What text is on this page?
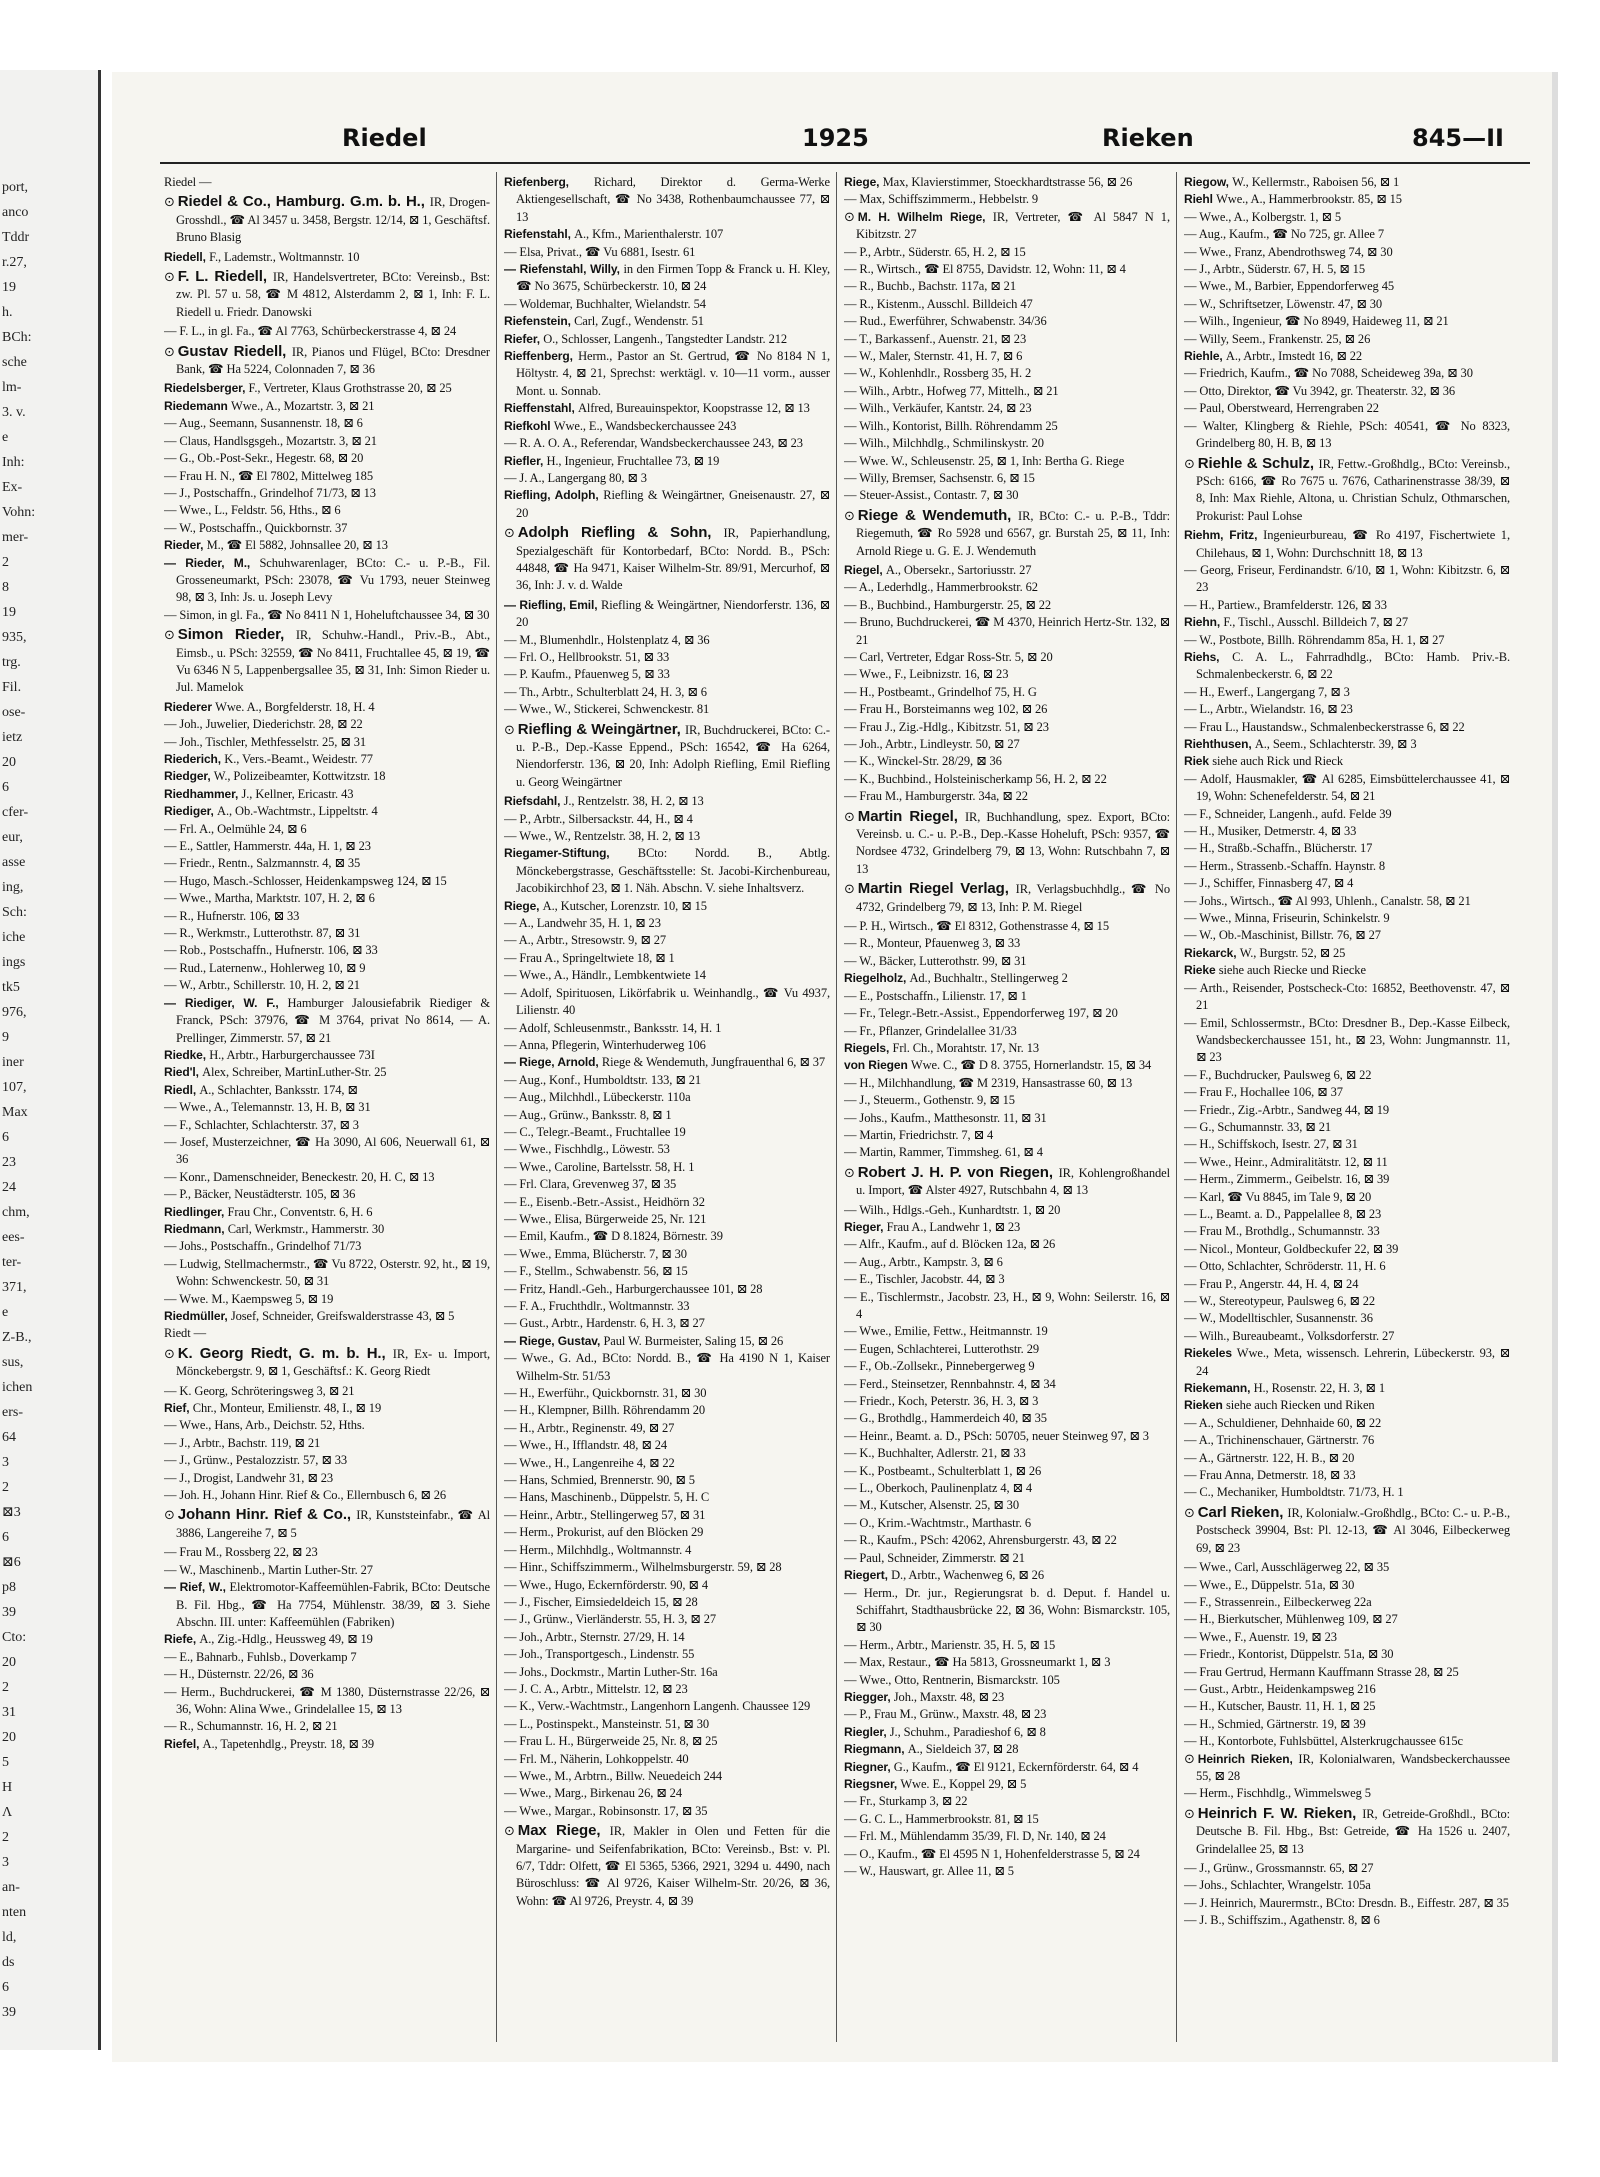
port,
anco
Tddr
r.27,
19
h.
BCh:
sche
lm-
3. v.
e
Inh:
Ex-
Vohn:
mer-
2
8
19
935,
trg.
Fil.
ose-
ietz
20
6
cfer-
eur,
asse
ing,
Sch:
iche
ings
tk5
976,
9
iner
107,
Max
6
23
24
chm,
ees-
ter-
371,
e
Z-B.,
sus,
ichen
ers-
64
3
2
⊠3
6
⊠6
p8
39
Cto:
20
2
31
20
5
H
Λ
2
3
an-
nten
ld,
ds
6
39
Riedel	1925	Rieken	845—II

Riedel —

⊙ Riedel & Co., Hamburg. G.m. b. H., IR, Drogen-Grosshdl., ☎ Al 3457 u. 3458, Bergstr. 12/14, ⊠ 1, Geschäftsf. Bruno Blasig

Riedell, F., Lademstr., Woltmannstr. 10

⊙ F. L. Riedell, IR, Handelsvertreter, BCto: Vereinsb., Bst: zw. Pl. 57 u. 58, ☎ M 4812, Alsterdamm 2, ⊠ 1, Inh: F. L. Riedell u. Friedr. Danowski

— F. L., in gl. Fa., ☎ Al 7763, Schürbeckerstrasse 4, ⊠ 24

⊙ Gustav Riedell, IR, Pianos und Flügel, BCto: Dresdner Bank, ☎ Ha 5224, Colonnaden 7, ⊠ 36

Riedelsberger, F., Vertreter, Klaus Grothstrasse 20, ⊠ 25

Riedemann Wwe., A., Mozartstr. 3, ⊠ 21

— Aug., Seemann, Susannenstr. 18, ⊠ 6

— Claus, Handlsgsgeh., Mozartstr. 3, ⊠ 21

— G., Ob.-Post-Sekr., Hegestr. 68, ⊠ 20

— Frau H. N., ☎ El 7802, Mittelweg 185

— J., Postschaffn., Grindelhof 71/73, ⊠ 13

— Wwe., L., Feldstr. 56, Hths., ⊠ 6

— W., Postschaffn., Quickbornstr. 37

Rieder, M., ☎ El 5882, Johnsallee 20, ⊠ 13

— Rieder, M., Schuhwarenlager, BCto: C.- u. P.-B., Fil. Grosseneumarkt, PSch: 23078, ☎ Vu 1793, neuer Steinweg 98, ⊠ 3, Inh: Js. u. Joseph Levy

— Simon, in gl. Fa., ☎ No 8411 N 1, Hoheluftchaussee 34, ⊠ 30

⊙ Simon Rieder, IR, Schuhw.-Handl., Priv.-B., Abt., Eimsb., u. PSch: 32559, ☎ No 8411, Fruchtallee 45, ⊠ 19, ☎ Vu 6346 N 5, Lappenbergsallee 35, ⊠ 31, Inh: Simon Rieder u. Jul. Mamelok

Riederer Wwe. A., Borgfelderstr. 18, H. 4

— Joh., Juwelier, Diederichstr. 28, ⊠ 22

— Joh., Tischler, Methfesselstr. 25, ⊠ 31

Riederich, K., Vers.-Beamt., Weidestr. 77

Riedger, W., Polizeibeamter, Kottwitzstr. 18

Riedhammer, J., Kellner, Ericastr. 43

Riediger, A., Ob.-Wachtmstr., Lippeltstr. 4

— Frl. A., Oelmühle 24, ⊠ 6

— E., Sattler, Hammerstr. 44a, H. 1, ⊠ 23

— Friedr., Rentn., Salzmannstr. 4, ⊠ 35

— Hugo, Masch.-Schlosser, Heidenkampsweg 124, ⊠ 15

— Wwe., Martha, Marktstr. 107, H. 2, ⊠ 6

— R., Hufnerstr. 106, ⊠ 33

— R., Werkmstr., Lutterothstr. 87, ⊠ 31

— Rob., Postschaffn., Hufnerstr. 106, ⊠ 33

— Rud., Laternenw., Hohlerweg 10, ⊠ 9

— W., Arbtr., Schillerstr. 10, H. 2, ⊠ 21

— Riediger, W. F., Hamburger Jalousiefabrik Riediger & Franck, PSch: 37976, ☎ M 3764, privat No 8614, — A. Prellinger, Zimmerstr. 57, ⊠ 21

Riedke, H., Arbtr., Harburgerchaussee 73I

Ried'l, Alex, Schreiber, MartinLuther-Str. 25

Riedl, A., Schlachter, Banksstr. 174, ⊠

— Wwe., A., Telemannstr. 13, H. B, ⊠ 31

— F., Schlachter, Schlachterstr. 37, ⊠ 3

— Josef, Musterzeichner, ☎ Ha 3090, Al 606, Neuerwall 61, ⊠ 36

— Konr., Damenschneider, Beneckestr. 20, H. C, ⊠ 13

— P., Bäcker, Neustädterstr. 105, ⊠ 36

Riedlinger, Frau Chr., Conventstr. 6, H. 6

Riedmann, Carl, Werkmstr., Hammerstr. 30

— Johs., Postschaffn., Grindelhof 71/73

— Ludwig, Stellmachermstr., ☎ Vu 8722, Osterstr. 92, ht., ⊠ 19, Wohn: Schwenckestr. 50, ⊠ 31

— Wwe. M., Kaempsweg 5, ⊠ 19

Riedmüller, Josef, Schneider, Greifswalderstrasse 43, ⊠ 5

Riedt —

⊙ K. Georg Riedt, G. m. b. H., IR, Ex- u. Import, Mönckebergstr. 9, ⊠ 1, Geschäftsf.: K. Georg Riedt

— K. Georg, Schröteringsweg 3, ⊠ 21

Rief, Chr., Monteur, Emilienstr. 48, I., ⊠ 19

— Wwe., Hans, Arb., Deichstr. 52, Hths.

— J., Arbtr., Bachstr. 119, ⊠ 21

— J., Grünw., Pestalozzistr. 57, ⊠ 33

— J., Drogist, Landwehr 31, ⊠ 23

— Joh. H., Johann Hinr. Rief & Co., Ellernbusch 6, ⊠ 26

⊙ Johann Hinr. Rief & Co., IR, Kunststeinfabr., ☎ Al 3886, Langereihe 7, ⊠ 5

— Frau M., Rossberg 22, ⊠ 23

— W., Maschinenb., Martin Luther-Str. 27

— Rief, W., Elektromotor-Kaffeemühlen-Fabrik, BCto: Deutsche B. Fil. Hbg., ☎ Ha 7754, Mühlenstr. 38/39, ⊠ 3. Siehe Abschn. III. unter: Kaffeemühlen (Fabriken)

Riefe, A., Zig.-Hdlg., Heussweg 49, ⊠ 19

— E., Bahnarb., Fuhlsb., Doverkamp 7

— H., Düsternstr. 22/26, ⊠ 36

— Herm., Buchdruckerei, ☎ M 1380, Düsternstrasse 22/26, ⊠ 36, Wohn: Alina Wwe., Grindelallee 15, ⊠ 13

— R., Schumannstr. 16, H. 2, ⊠ 21

Riefel, A., Tapetenhdlg., Preystr. 18, ⊠ 39

Riefenberg, Richard, Direktor d. Germa-Werke Aktiengesellschaft, ☎ No 3438, Rothenbaumchaussee 77, ⊠ 13

Riefenstahl, A., Kfm., Marienthalerstr. 107

— Elsa, Privat., ☎ Vu 6881, Isestr. 61

— Riefenstahl, Willy, in den Firmen Topp & Franck u. H. Kley, ☎ No 3675, Schürbeckerstr. 10, ⊠ 24

— Woldemar, Buchhalter, Wielandstr. 54

Riefenstein, Carl, Zugf., Wendenstr. 51

Riefer, O., Schlosser, Langenh., Tangstedter Landstr. 212

Rieffenberg, Herm., Pastor an St. Gertrud, ☎ No 8184 N 1, Höltystr. 4, ⊠ 21, Sprechst: werktägl. v. 10—11 vorm., ausser Mont. u. Sonnab.

Rieffenstahl, Alfred, Bureauinspektor, Koopstrasse 12, ⊠ 13

Riefkohl Wwe., E., Wandsbeckerchaussee 243

— R. A. O. A., Referendar, Wandsbeckerchaussee 243, ⊠ 23

Riefler, H., Ingenieur, Fruchtallee 73, ⊠ 19

— J. A., Langergang 80, ⊠ 3

Riefling, Adolph, Riefling & Weingärtner, Gneisenaustr. 27, ⊠ 20

⊙ Adolph Riefling & Sohn, IR, Papierhandlung, Spezialgeschäft für Kontorbedarf, BCto: Nordd. B., PSch: 44848, ☎ Ha 9471, Kaiser Wilhelm-Str. 89/91, Mercurhof, ⊠ 36, Inh: J. v. d. Walde

— Riefling, Emil, Riefling & Weingärtner, Niendorferstr. 136, ⊠ 20

— M., Blumenhdlr., Holstenplatz 4, ⊠ 36

— Frl. O., Hellbrookstr. 51, ⊠ 33

— P. Kaufm., Pfauenweg 5, ⊠ 33

— Th., Arbtr., Schulterblatt 24, H. 3, ⊠ 6

— Wwe., W., Stickerei, Schwenckestr. 81

⊙ Riefling & Weingärtner, IR, Buchdruckerei, BCto: C.- u. P.-B., Dep.-Kasse Eppend., PSch: 16542, ☎ Ha 6264, Niendorferstr. 136, ⊠ 20, Inh: Adolph Riefling, Emil Riefling u. Georg Weingärtner

Riefsdahl, J., Rentzelstr. 38, H. 2, ⊠ 13

— P., Arbtr., Silbersackstr. 44, H., ⊠ 4

— Wwe., W., Rentzelstr. 38, H. 2, ⊠ 13

Riegamer-Stiftung, BCto: Nordd. B., Abtlg. Mönckebergstrasse, Geschäftsstelle: St. Jacobi-Kirchenbureau, Jacobikirchhof 23, ⊠ 1. Näh. Abschn. V. siehe Inhaltsverz.

Riege, A., Kutscher, Lorenzstr. 10, ⊠ 15

— A., Landwehr 35, H. 1, ⊠ 23

— A., Arbtr., Stresowstr. 9, ⊠ 27

— Frau A., Springeltwiete 18, ⊠ 1

— Wwe., A., Händlr., Lembkentwiete 14

— Adolf, Spirituosen, Likörfabrik u. Weinhandlg., ☎ Vu 4937, Lilienstr. 40

— Adolf, Schleusenmstr., Banksstr. 14, H. 1

— Anna, Pflegerin, Winterhuderweg 106

— Riege, Arnold, Riege & Wendemuth, Jungfrauenthal 6, ⊠ 37

— Aug., Konf., Humboldtstr. 133, ⊠ 21

— Aug., Milchhdl., Lübeckerstr. 110a

— Aug., Grünw., Banksstr. 8, ⊠ 1

— C., Telegr.-Beamt., Fruchtallee 19

— Wwe., Fischhdlg., Löwestr. 53

— Wwe., Caroline, Bartelsstr. 58, H. 1

— Frl. Clara, Grevenweg 37, ⊠ 35

— E., Eisenb.-Betr.-Assist., Heidhörn 32

— Wwe., Elisa, Bürgerweide 25, Nr. 121

— Emil, Kaufm., ☎ D 8.1824, Börnestr. 39

— Wwe., Emma, Blücherstr. 7, ⊠ 30

— F., Stellm., Schwabenstr. 56, ⊠ 15

— Fritz, Handl.-Geh., Harburgerchaussee 101, ⊠ 28

— F. A., Fruchthdlr., Woltmannstr. 33

— Gust., Arbtr., Hardenstr. 6, H. 3, ⊠ 27

— Riege, Gustav, Paul W. Burmeister, Saling 15, ⊠ 26

— Wwe., G. Ad., BCto: Nordd. B., ☎ Ha 4190 N 1, Kaiser Wilhelm-Str. 51/53

— H., Ewerführ., Quickbornstr. 31, ⊠ 30

— H., Klempner, Billh. Röhrendamm 20

— H., Arbtr., Reginenstr. 49, ⊠ 27

— Wwe., H., Ifflandstr. 48, ⊠ 24

— Wwe., H., Langenreihe 4, ⊠ 22

— Hans, Schmied, Brennerstr. 90, ⊠ 5

— Hans, Maschinenb., Düppelstr. 5, H. C

— Heinr., Arbtr., Stellingerweg 57, ⊠ 31

— Herm., Prokurist, auf den Blöcken 29

— Herm., Milchhdlg., Woltmannstr. 4

— Hinr., Schiffszimmerm., Wilhelmsburgerstr. 59, ⊠ 28

— Wwe., Hugo, Eckernförderstr. 90, ⊠ 4

— J., Fischer, Eimsiedeldeich 15, ⊠ 28

— J., Grünw., Vierländerstr. 55, H. 3, ⊠ 27

— Joh., Arbtr., Sternstr. 27/29, H. 14

— Joh., Transportgesch., Lindenstr. 55

— Johs., Dockmstr., Martin Luther-Str. 16a

— J. C. A., Arbtr., Mittelstr. 12, ⊠ 23

— K., Verw.-Wachtmstr., Langenhorn Langenh. Chaussee 129

— L., Postinspekt., Mansteinstr. 51, ⊠ 30

— Frau L. H., Bürgerweide 25, Nr. 8, ⊠ 25

— Frl. M., Näherin, Lohkoppelstr. 40

— Wwe., M., Arbtrn., Billw. Neuedeich 244

— Wwe., Marg., Birkenau 26, ⊠ 24

— Wwe., Margar., Robinsonstr. 17, ⊠ 35

⊙ Max Riege, IR, Makler in Olen und Fetten für die Margarine- und Seifenfabrikation, BCto: Vereinsb., Bst: v. Pl. 6/7, Tddr: Olfett, ☎ El 5365, 5366, 2921, 3294 u. 4490, nach Büroschluss: ☎ Al 9726, Kaiser Wilhelm-Str. 20/26, ⊠ 36, Wohn: ☎ Al 9726, Preystr. 4, ⊠ 39

Riege, Max, Klavierstimmer, Stoeckhardtstrasse 56, ⊠ 26

— Max, Schiffszimmerm., Hebbelstr. 9

⊙ M. H. Wilhelm Riege, IR, Vertreter, ☎ Al 5847 N 1, Kibitzstr. 27

— P., Arbtr., Süderstr. 65, H. 2, ⊠ 15

— R., Wirtsch., ☎ El 8755, Davidstr. 12, Wohn: 11, ⊠ 4

— R., Buchb., Bachstr. 117a, ⊠ 21

— R., Kistenm., Ausschl. Billdeich 47

— Rud., Ewerführer, Schwabenstr. 34/36

— T., Barkassenf., Auenstr. 21, ⊠ 23

— W., Maler, Sternstr. 41, H. 7, ⊠ 6

— W., Kohlenhdlr., Rossberg 35, H. 2

— Wilh., Arbtr., Hofweg 77, Mittelh., ⊠ 21

— Wilh., Verkäufer, Kantstr. 24, ⊠ 23

— Wilh., Kontorist, Billh. Röhrendamm 25

— Wilh., Milchhdlg., Schmilinskystr. 20

— Wwe. W., Schleusenstr. 25, ⊠ 1, Inh: Bertha G. Riege

— Willy, Bremser, Sachsenstr. 6, ⊠ 15

— Steuer-Assist., Contastr. 7, ⊠ 30

⊙ Riege & Wendemuth, IR, BCto: C.- u. P.-B., Tddr: Riegemuth, ☎ Ro 5928 und 6567, gr. Burstah 25, ⊠ 11, Inh: Arnold Riege u. G. E. J. Wendemuth

Riegel, A., Obersekr., Sartoriusstr. 27

— A., Lederhdlg., Hammerbrookstr. 62

— B., Buchbind., Hamburgerstr. 25, ⊠ 22

— Bruno, Buchdruckerei, ☎ M 4370, Heinrich Hertz-Str. 132, ⊠ 21

— Carl, Vertreter, Edgar Ross-Str. 5, ⊠ 20

— Wwe., F., Leibnizstr. 16, ⊠ 23

— H., Postbeamt., Grindelhof 75, H. G

— Frau H., Borsteimanns weg 102, ⊠ 26

— Frau J., Zig.-Hdlg., Kibitzstr. 51, ⊠ 23

— Joh., Arbtr., Lindleystr. 50, ⊠ 27

— K., Winckel-Str. 28/29, ⊠ 36

— K., Buchbind., Holsteinischerkamp 56, H. 2, ⊠ 22

— Frau M., Hamburgerstr. 34a, ⊠ 22

⊙ Martin Riegel, IR, Buchhandlung, spez. Export, BCto: Vereinsb. u. C.- u. P.-B., Dep.-Kasse Hoheluft, PSch: 9357, ☎ Nordsee 4732, Grindelberg 79, ⊠ 13, Wohn: Rutschbahn 7, ⊠ 13

⊙ Martin Riegel Verlag, IR, Verlagsbuchhdlg., ☎ No 4732, Grindelberg 79, ⊠ 13, Inh: P. M. Riegel

— P. H., Wirtsch., ☎ El 8312, Gothenstrasse 4, ⊠ 15

— R., Monteur, Pfauenweg 3, ⊠ 33

— W., Bäcker, Lutterothstr. 99, ⊠ 31

Riegelholz, Ad., Buchhaltr., Stellingerweg 2

— E., Postschaffn., Lilienstr. 17, ⊠ 1

— Fr., Telegr.-Betr.-Assist., Eppendorferweg 197, ⊠ 20

— Fr., Pflanzer, Grindelallee 31/33

Riegels, Frl. Ch., Morahtstr. 17, Nr. 13

von Riegen Wwe. C., ☎ D 8. 3755, Hornerlandstr. 15, ⊠ 34

— H., Milchhandlung, ☎ M 2319, Hansastrasse 60, ⊠ 13

— J., Steuerm., Gothenstr. 9, ⊠ 15

— Johs., Kaufm., Matthesonstr. 11, ⊠ 31

— Martin, Friedrichstr. 7, ⊠ 4

— Martin, Rammer, Timmsheg. 61, ⊠ 4

⊙ Robert J. H. P. von Riegen, IR, Kohlengroßhandel u. Import, ☎ Alster 4927, Rutschbahn 4, ⊠ 13

— Wilh., Hdlgs.-Geh., Kunhardtstr. 1, ⊠ 20

Rieger, Frau A., Landwehr 1, ⊠ 23

— Alfr., Kaufm., auf d. Blöcken 12a, ⊠ 26

— Aug., Arbtr., Kampstr. 3, ⊠ 6

— E., Tischler, Jacobstr. 44, ⊠ 3

— E., Tischlermstr., Jacobstr. 23, H., ⊠ 9, Wohn: Seilerstr. 16, ⊠ 4

— Wwe., Emilie, Fettw., Heitmannstr. 19

— Eugen, Schlachterei, Lutterothstr. 29

— F., Ob.-Zollsekr., Pinnebergerweg 9

— Ferd., Steinsetzer, Rennbahnstr. 4, ⊠ 34

— Friedr., Koch, Peterstr. 36, H. 3, ⊠ 3

— G., Brothdlg., Hammerdeich 40, ⊠ 35

— Heinr., Beamt. a. D., PSch: 50705, neuer Steinweg 97, ⊠ 3

— K., Buchhalter, Adlerstr. 21, ⊠ 33

— K., Postbeamt., Schulterblatt 1, ⊠ 26

— L., Oberkoch, Paulinenplatz 4, ⊠ 4

— M., Kutscher, Alsenstr. 25, ⊠ 30

— O., Krim.-Wachtmstr., Marthastr. 6

— R., Kaufm., PSch: 42062, Ahrensburgerstr. 43, ⊠ 22

— Paul, Schneider, Zimmerstr. ⊠ 21

Riegert, D., Arbtr., Wachenweg 6, ⊠ 26

— Herm., Dr. jur., Regierungsrat b. d. Deput. f. Handel u. Schiffahrt, Stadthausbrücke 22, ⊠ 36, Wohn: Bismarckstr. 105, ⊠ 30

— Herm., Arbtr., Marienstr. 35, H. 5, ⊠ 15

— Max, Restaur., ☎ Ha 5813, Grossneumarkt 1, ⊠ 3

— Wwe., Otto, Rentnerin, Bismarckstr. 105

Riegger, Joh., Maxstr. 48, ⊠ 23

— P., Frau M., Grünw., Maxstr. 48, ⊠ 23

Riegler, J., Schuhm., Paradieshof 6, ⊠ 8

Riegmann, A., Sieldeich 37, ⊠ 28

Riegner, G., Kaufm., ☎ El 9121, Eckernförderstr. 64, ⊠ 4

Riegsner, Wwe. E., Koppel 29, ⊠ 5

— Fr., Sturkamp 3, ⊠ 22

— G. C. L., Hammerbrookstr. 81, ⊠ 15

— Frl. M., Mühlendamm 35/39, Fl. D, Nr. 140, ⊠ 24

— O., Kaufm., ☎ El 4595 N 1, Hohenfelderstrasse 5, ⊠ 24

— W., Hauswart, gr. Allee 11, ⊠ 5

Riegow, W., Kellermstr., Raboisen 56, ⊠ 1

Riehl Wwe., A., Hammerbrookstr. 85, ⊠ 15

— Wwe., A., Kolbergstr. 1, ⊠ 5

— Aug., Kaufm., ☎ No 725, gr. Allee 7

— Wwe., Franz, Abendrothsweg 74, ⊠ 30

— J., Arbtr., Süderstr. 67, H. 5, ⊠ 15

— Wwe., M., Barbier, Eppendorferweg 45

— W., Schriftsetzer, Löwenstr. 47, ⊠ 30

— Wilh., Ingenieur, ☎ No 8949, Haideweg 11, ⊠ 21

— Willy, Seem., Frankenstr. 25, ⊠ 26

Riehle, A., Arbtr., Imstedt 16, ⊠ 22

— Friedrich, Kaufm., ☎ No 7088, Scheideweg 39a, ⊠ 30

— Otto, Direktor, ☎ Vu 3942, gr. Theaterstr. 32, ⊠ 36

— Paul, Oberstweard, Herrengraben 22

— Walter, Klingberg & Riehle, PSch: 40541, ☎ No 8323, Grindelberg 80, H. B, ⊠ 13

⊙ Riehle & Schulz, IR, Fettw.-Großhdlg., BCto: Vereinsb., PSch: 6166, ☎ Ro 7675 u. 7676, Catharinenstrasse 38/39, ⊠ 8, Inh: Max Riehle, Altona, u. Christian Schulz, Othmarschen, Prokurist: Paul Lohse

Riehm, Fritz, Ingenieurbureau, ☎ Ro 4197, Fischertwiete 1, Chilehaus, ⊠ 1, Wohn: Durchschnitt 18, ⊠ 13

— Georg, Friseur, Ferdinandstr. 6/10, ⊠ 1, Wohn: Kibitzstr. 6, ⊠ 23

— H., Partiew., Bramfelderstr. 126, ⊠ 33

Riehn, F., Tischl., Ausschl. Billdeich 7, ⊠ 27

— W., Postbote, Billh. Röhrendamm 85a, H. 1, ⊠ 27

Riehs, C. A. L., Fahrradhdlg., BCto: Hamb. Priv.-B. Schmalenbeckerstr. 6, ⊠ 22

— H., Ewerf., Langergang 7, ⊠ 3

— L., Arbtr., Wielandstr. 16, ⊠ 23

— Frau L., Haustandsw., Schmalenbeckerstrasse 6, ⊠ 22

Riehthusen, A., Seem., Schlachterstr. 39, ⊠ 3

Riek siehe auch Rick und Rieck

— Adolf, Hausmakler, ☎ Al 6285, Eimsbüttelerchaussee 41, ⊠ 19, Wohn: Schenefelderstr. 54, ⊠ 21

— F., Schneider, Langenh., aufd. Felde 39

— H., Musiker, Detmerstr. 4, ⊠ 33

— H., Straßb.-Schaffn., Blücherstr. 17

— Herm., Strassenb.-Schaffn. Haynstr. 8

— J., Schiffer, Finnasberg 47, ⊠ 4

— Johs., Wirtsch., ☎ Al 993, Uhlenh., Canalstr. 58, ⊠ 21

— Wwe., Minna, Friseurin, Schinkelstr. 9

— W., Ob.-Maschinist, Billstr. 76, ⊠ 27

Riekarck, W., Burgstr. 52, ⊠ 25

Rieke siehe auch Riecke und Riecke

— Arth., Reisender, Postscheck-Cto: 16852, Beethovenstr. 47, ⊠ 21

— Emil, Schlossermstr., BCto: Dresdner B., Dep.-Kasse Eilbeck, Wandsbeckerchaussee 151, ht., ⊠ 23, Wohn: Jungmannstr. 11, ⊠ 23

— F., Buchdrucker, Paulsweg 6, ⊠ 22

— Frau F., Hochallee 106, ⊠ 37

— Friedr., Zig.-Arbtr., Sandweg 44, ⊠ 19

— G., Schumannstr. 33, ⊠ 21

— H., Schiffskoch, Isestr. 27, ⊠ 31

— Wwe., Heinr., Admiralitätstr. 12, ⊠ 11

— Herm., Zimmerm., Geibelstr. 16, ⊠ 39

— Karl, ☎ Vu 8845, im Tale 9, ⊠ 20

— L., Beamt. a. D., Pappelallee 8, ⊠ 23

— Frau M., Brothdlg., Schumannstr. 33

— Nicol., Monteur, Goldbeckufer 22, ⊠ 39

— Otto, Schlachter, Schröderstr. 11, H. 6

— Frau P., Angerstr. 44, H. 4, ⊠ 24

— W., Stereotypeur, Paulsweg 6, ⊠ 22

— W., Modelltischler, Susannenstr. 36

— Wilh., Bureaubeamt., Volksdorferstr. 27

Riekeles Wwe., Meta, wissensch. Lehrerin, Lübeckerstr. 93, ⊠ 24

Riekemann, H., Rosenstr. 22, H. 3, ⊠ 1

Rieken siehe auch Riecken und Riken

— A., Schuldiener, Dehnhaide 60, ⊠ 22

— A., Trichinenschauer, Gärtnerstr. 76

— A., Gärtnerstr. 122, H. B., ⊠ 20

— Frau Anna, Detmerstr. 18, ⊠ 33

— C., Mechaniker, Humboldtstr. 71/73, H. 1

⊙ Carl Rieken, IR, Kolonialw.-Großhdlg., BCto: C.- u. P.-B., Postscheck 39904, Bst: Pl. 12-13, ☎ Al 3046, Eilbeckerweg 69, ⊠ 23

— Wwe., Carl, Ausschlägerweg 22, ⊠ 35

— Wwe., E., Düppelstr. 51a, ⊠ 30

— F., Strassenrein., Eilbeckerweg 22a

— H., Bierkutscher, Mühlenweg 109, ⊠ 27

— Wwe., F., Auenstr. 19, ⊠ 23

— Friedr., Kontorist, Düppelstr. 51a, ⊠ 30

— Frau Gertrud, Hermann Kauffmann Strasse 28, ⊠ 25

— Gust., Arbtr., Heidenkampsweg 216

— H., Kutscher, Baustr. 11, H. 1, ⊠ 25

— H., Schmied, Gärtnerstr. 19, ⊠ 39

— H., Kontorbote, Fuhlsbüttel, Alsterkrugchaussee 615c

⊙ Heinrich Rieken, IR, Kolonialwaren, Wandsbeckerchaussee 55, ⊠ 28

— Herm., Fischhdlg., Wimmelsweg 5

⊙ Heinrich F. W. Rieken, IR, Getreide-Großhdl., BCto: Deutsche B. Fil. Hbg., Bst: Getreide, ☎ Ha 1526 u. 2407, Grindelallee 25, ⊠ 13

— J., Grünw., Grossmannstr. 65, ⊠ 27

— Johs., Schlachter, Wrangelstr. 105a

— J. Heinrich, Maurermstr., BCto: Dresdn. B., Eiffestr. 287, ⊠ 35

— J. B., Schiffszim., Agathenstr. 8, ⊠ 6
